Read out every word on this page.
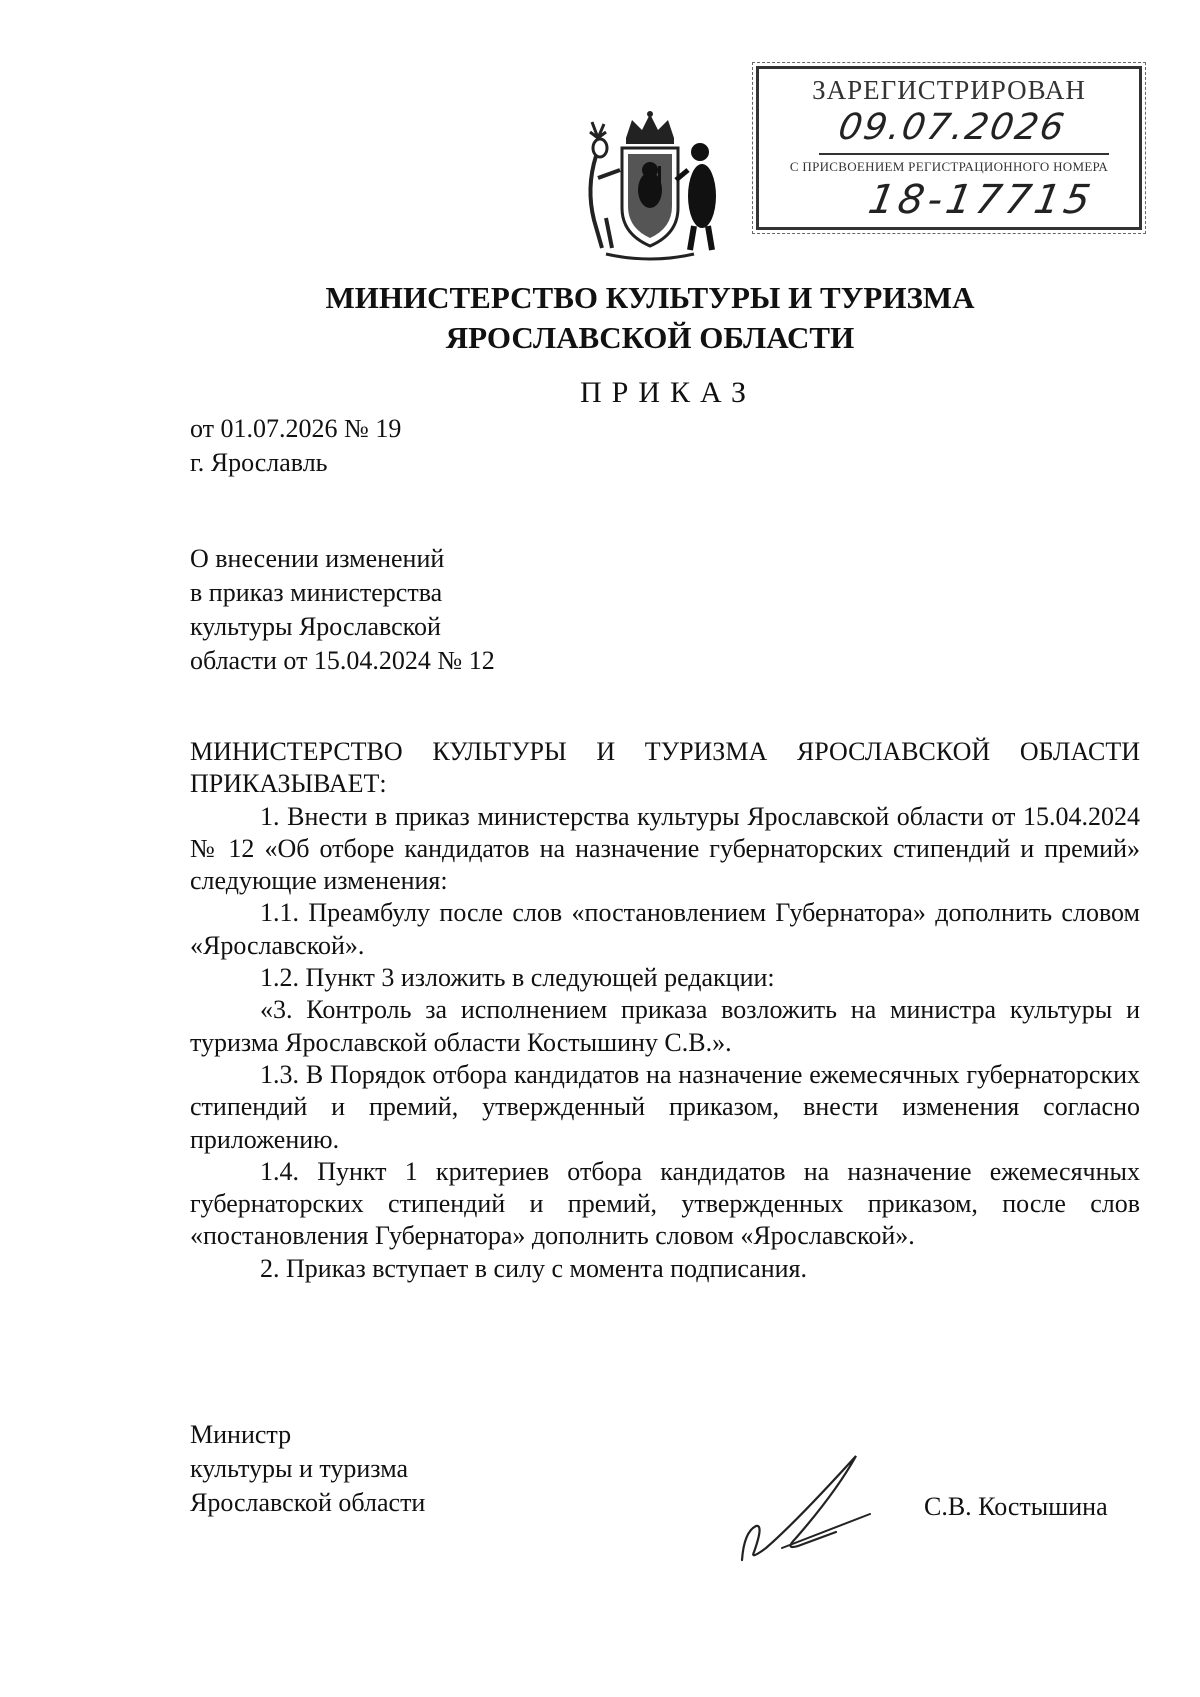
ЗАРЕГИСТРИРОВАН
09.07.2026
С ПРИСВОЕНИЕМ РЕГИСТРАЦИОННОГО НОМЕРА
18-17715
МИНИСТЕРСТВО КУЛЬТУРЫ И ТУРИЗМА
ЯРОСЛАВСКОЙ ОБЛАСТИ
ПРИКАЗ
от 01.07.2026 № 19
г. Ярославль
О внесении изменений
в приказ министерства
культуры Ярославской
области от 15.04.2024 № 12

МИНИСТЕРСТВО КУЛЬТУРЫ И ТУРИЗМА ЯРОСЛАВСКОЙ ОБЛАСТИ ПРИКАЗЫВАЕТ:

1. Внести в приказ министерства культуры Ярославской области от 15.04.2024 № 12 «Об отборе кандидатов на назначение губернаторских стипендий и премий» следующие изменения:

1.1. Преамбулу после слов «постановлением Губернатора» дополнить словом «Ярославской».

1.2. Пункт 3 изложить в следующей редакции:

«3. Контроль за исполнением приказа возложить на министра культуры и туризма Ярославской области Костышину С.В.».

1.3. В Порядок отбора кандидатов на назначение ежемесячных губернаторских стипендий и премий, утвержденный приказом, внести изменения согласно приложению.

1.4. Пункт 1 критериев отбора кандидатов на назначение ежемесячных губернаторских стипендий и премий, утвержденных приказом, после слов «постановления Губернатора» дополнить словом «Ярославской».

2. Приказ вступает в силу с момента подписания.

Министр
культуры и туризма
Ярославской области	С.В. Костышина
